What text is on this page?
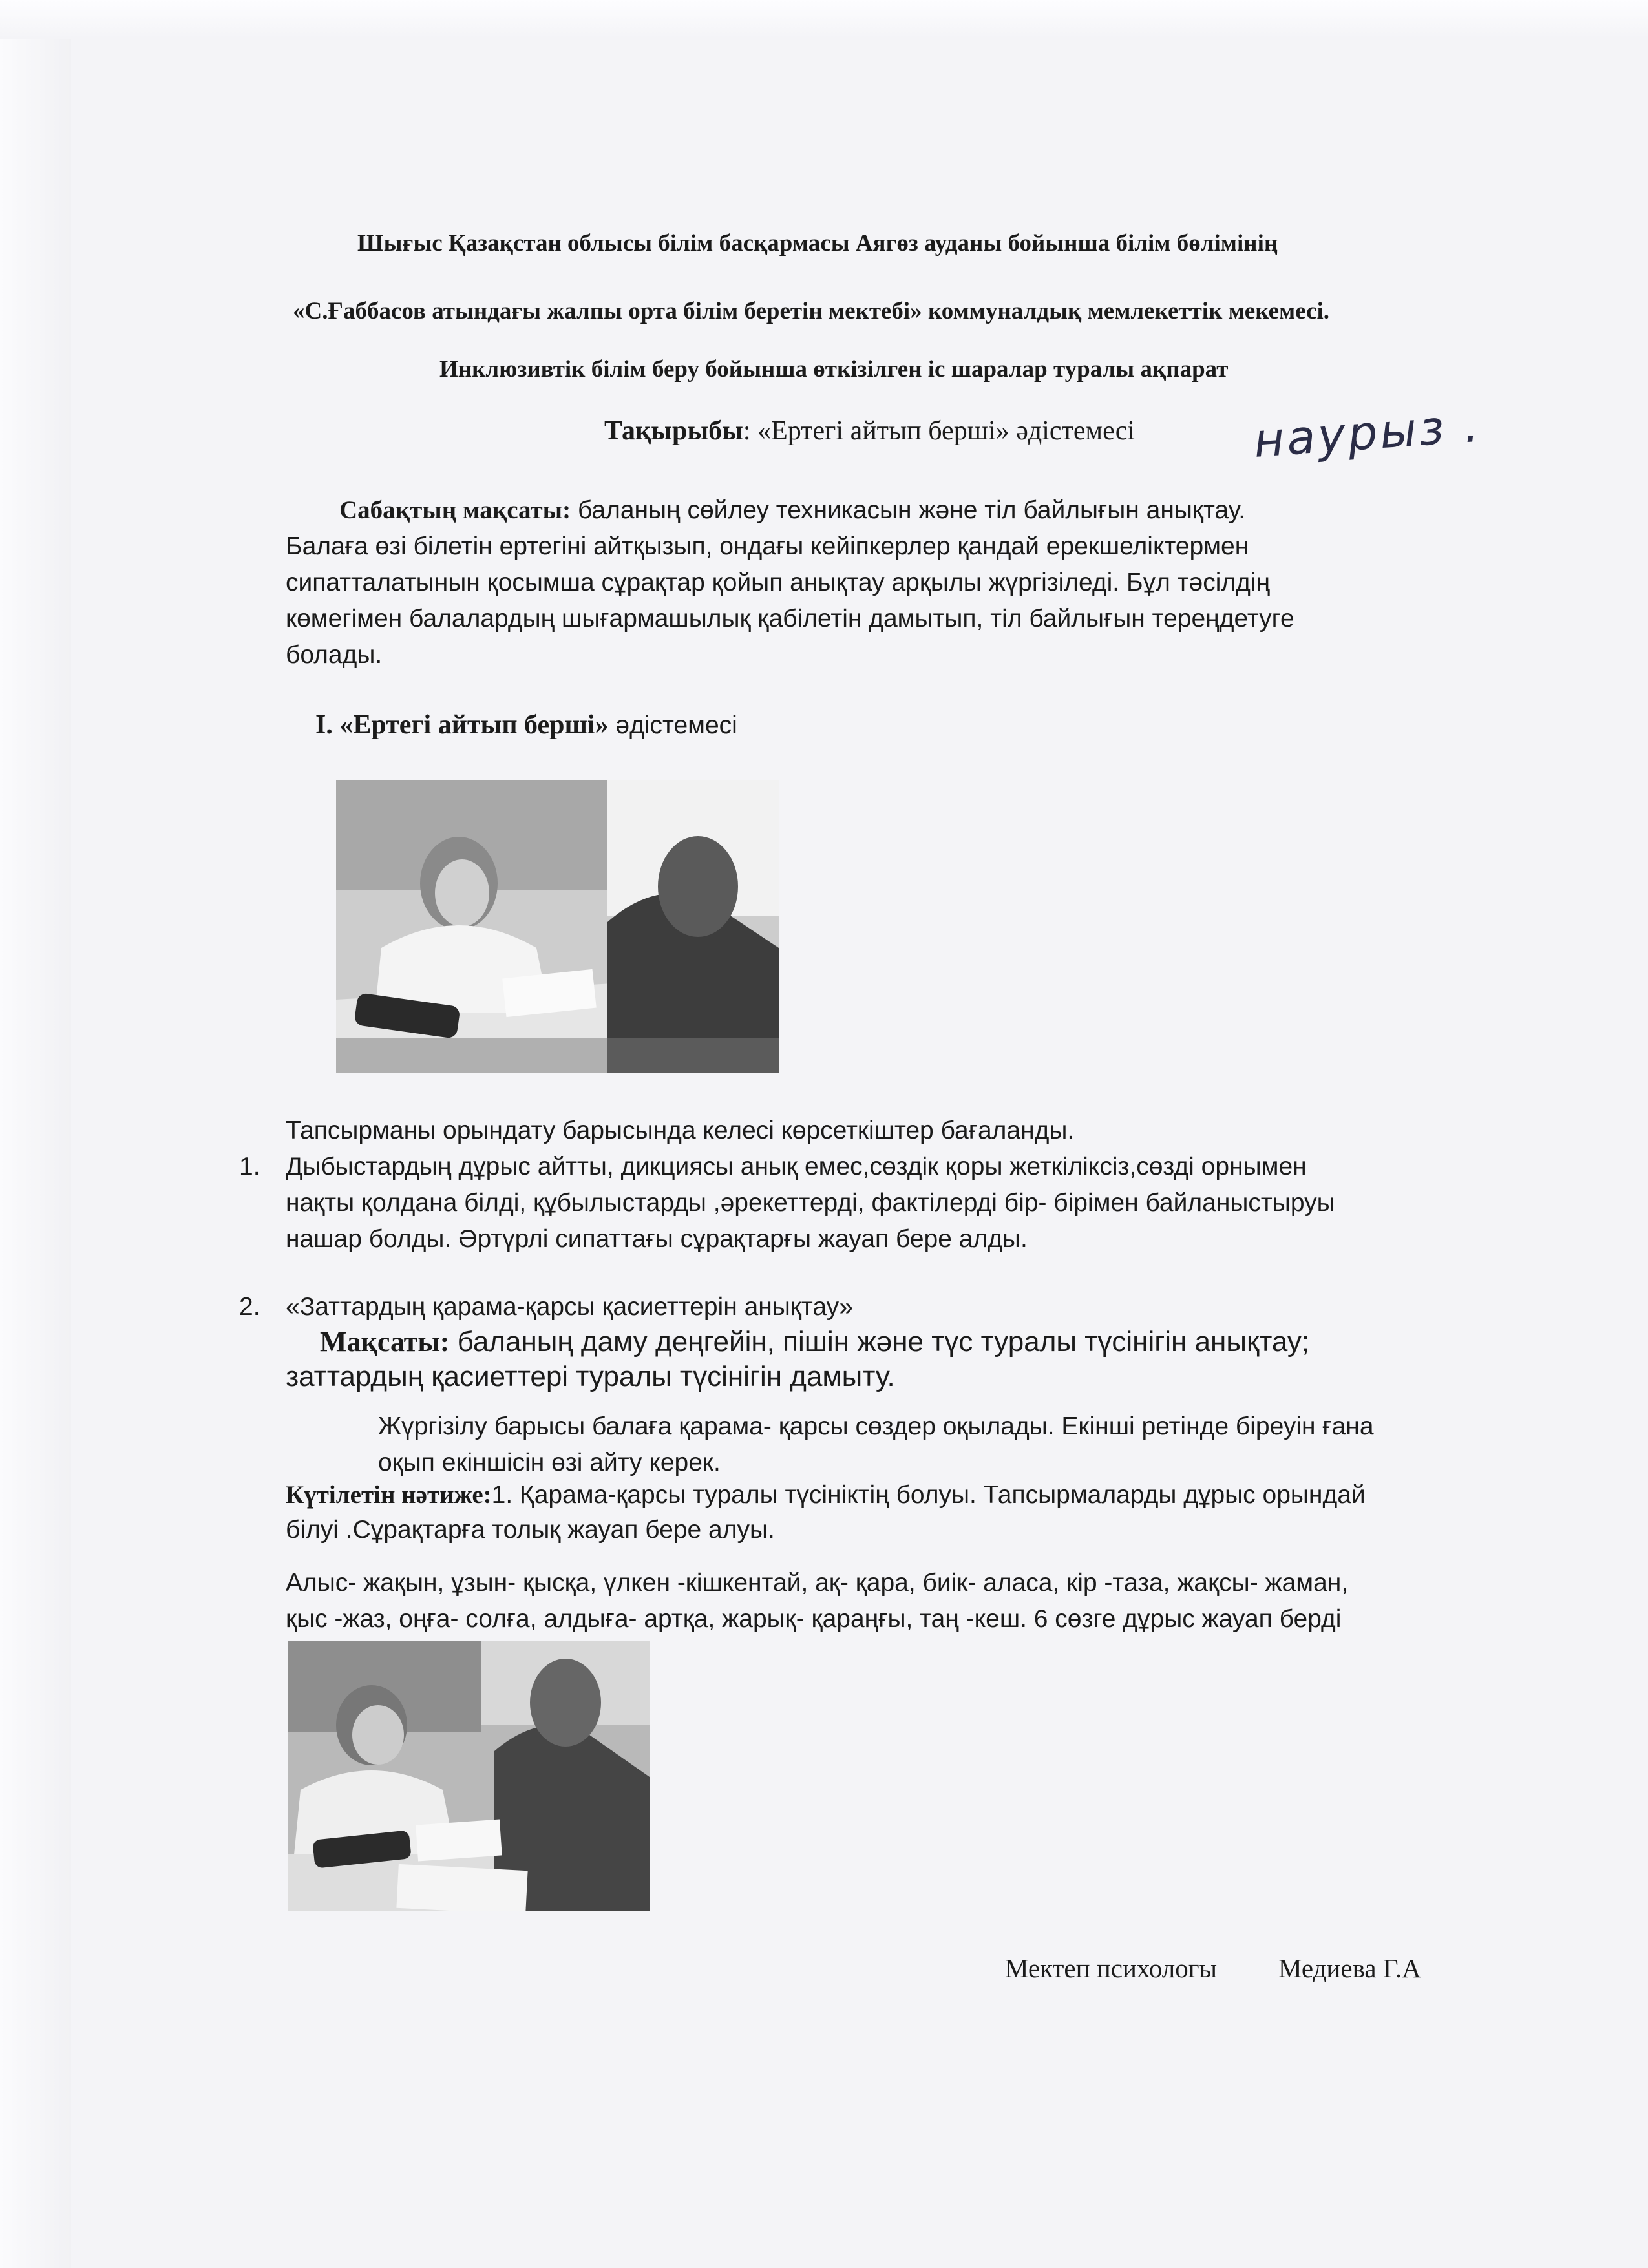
Шығыс Қазақстан облысы білім басқармасы Аягөз ауданы бойынша білім бөлімінің
«С.Ғаббасов атындағы жалпы орта білім беретін мектебі» коммуналдық мемлекеттік мекемесі.
Инклюзивтік білім беру бойынша өткізілген іс шаралар туралы ақпарат
Тақырыбы: «Ертегі айтып берші» әдістемесі	наурыз .
Сабақтың мақсаты: баланың сөйлеу техникасын және тіл байлығын анықтау.
Балаға өзі білетін ертегіні айтқызып, ондағы кейіпкерлер қандай ерекшеліктермен
сипатталатынын қосымша сұрақтар қойып анықтау арқылы жүргізіледі. Бұл тәсілдің
көмегімен балалардың шығармашылық қабілетін дамытып, тіл байлығын тереңдетуге
болады.
I. «Ертегі айтып берші» әдістемесі
Тапсырманы орындату барысында келесі көрсеткіштер бағаланды.
1. Дыбыстардың дұрыс айтты, дикциясы анық емес,сөздік қоры жеткіліксіз,сөзді орнымен
нақты қолдана білді, құбылыстарды ,әрекеттерді, фактілерді бір- бірімен байланыстыруы
нашар болды. Әртүрлі сипаттағы сұрақтарғы жауап бере алды.
2. «Заттардың қарама-қарсы қасиеттерін анықтау»
Мақсаты: баланың даму деңгейін, пішін және түс туралы түсінігін анықтау;
заттардың қасиеттері туралы түсінігін дамыту.
Жүргізілу барысы балаға қарама- қарсы сөздер оқылады. Екінші ретінде біреуін ғана
оқып екіншісін өзі айту керек.
Күтілетін нәтиже:1. Қарама-қарсы туралы түсініктің болуы. Тапсырмаларды дұрыс орындай
білуі .Сұрақтарға толық жауап бере алуы.
Алыс- жақын, ұзын- қысқа, үлкен -кішкентай, ақ- қара, биік- аласа, кір -таза, жақсы- жаман,
қыс -жаз, оңға- солға, алдыға- артқа, жарық- қараңғы, таң -кеш. 6 сөзге дұрыс жауап берді
Мектеп психологы Медиева Г.А
